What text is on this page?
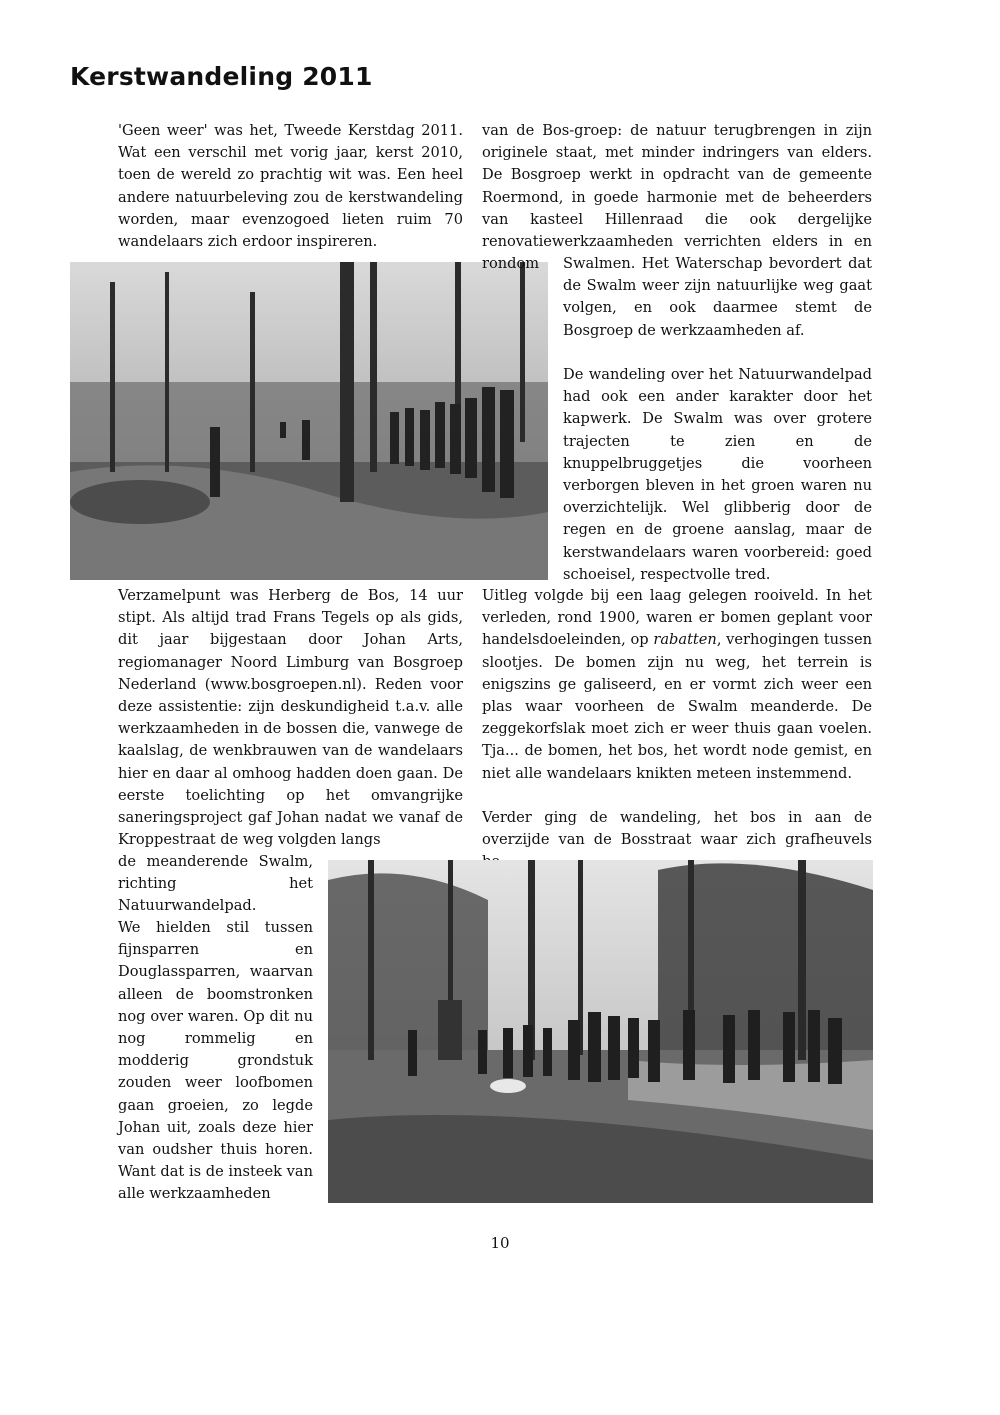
Kerstwandeling 2011

'Geen weer' was het, Tweede Kerstdag 2011. Wat een verschil met vorig jaar, kerst 2010, toen de wereld zo prachtig wit was. Een heel andere natuurbeleving zou de kerstwandeling worden, maar evenzogoed lieten ruim 70 wandelaars zich erdoor inspireren.

Verzamelpunt was Herberg de Bos, 14 uur stipt. Als altijd trad Frans Tegels op als gids, dit jaar bijgestaan door Johan Arts, regiomanager Noord Limburg van Bosgroep Nederland (www.bosgroepen.nl). Reden voor deze assistentie: zijn deskundigheid t.a.v. alle werkzaamheden in de bossen die, vanwege de kaalslag, de wenkbrauwen van de wandelaars hier en daar al omhoog hadden doen gaan. De eerste toelichting op het omvangrijke saneringsproject gaf Johan nadat we vanaf de Kroppestraat de weg volgden langs

de meanderende Swalm, richting het Natuurwandelpad.

We hielden stil tussen fijnsparren en Douglassparren, waarvan alleen de boomstronken nog over waren. Op dit nu nog rommelig en modderig grondstuk zouden weer loofbomen gaan groeien, zo legde Johan uit, zoals deze hier van oudsher thuis horen. Want dat is de insteek van alle werkzaamheden

van de Bos-groep: de natuur terugbrengen in zijn originele staat, met minder indringers van elders. De Bosgroep werkt in opdracht van de gemeente Roermond, in goede harmonie met de beheerders van kasteel Hillenraad die ook dergelijke renovatiewerkzaamheden verrichten elders in en rondom	Swalmen. Het Waterschap bevordert dat de Swalm weer zijn natuurlijke weg gaat volgen, en ook daarmee stemt de Bosgroep de werkzaamheden af.

De wandeling over het Natuurwandelpad had ook een ander karakter door het kapwerk. De Swalm was over grotere trajecten te zien en de knuppelbruggetjes die voorheen verborgen bleven in het groen waren nu overzichtelijk. Wel glibberig door de regen en de groene aanslag, maar de kerstwandelaars waren voorbereid: goed schoeisel, respectvolle tred.

Uitleg volgde bij een laag gelegen rooiveld. In het verleden, rond 1900, waren er bomen geplant voor handelsdoeleinden, op rabatten, verhogingen tussen slootjes. De bomen zijn nu weg, het terrein is enigszins ge galiseerd, en er vormt zich weer een plas waar voorheen de Swalm meanderde. De zeggekorfslak moet zich er weer thuis gaan voelen. Tja... de bomen, het bos, het wordt node gemist, en niet alle wandelaars knikten meteen instemmend.

Verder ging de wandeling, het bos in aan de overzijde van de Bosstraat waar zich grafheuvels

10
